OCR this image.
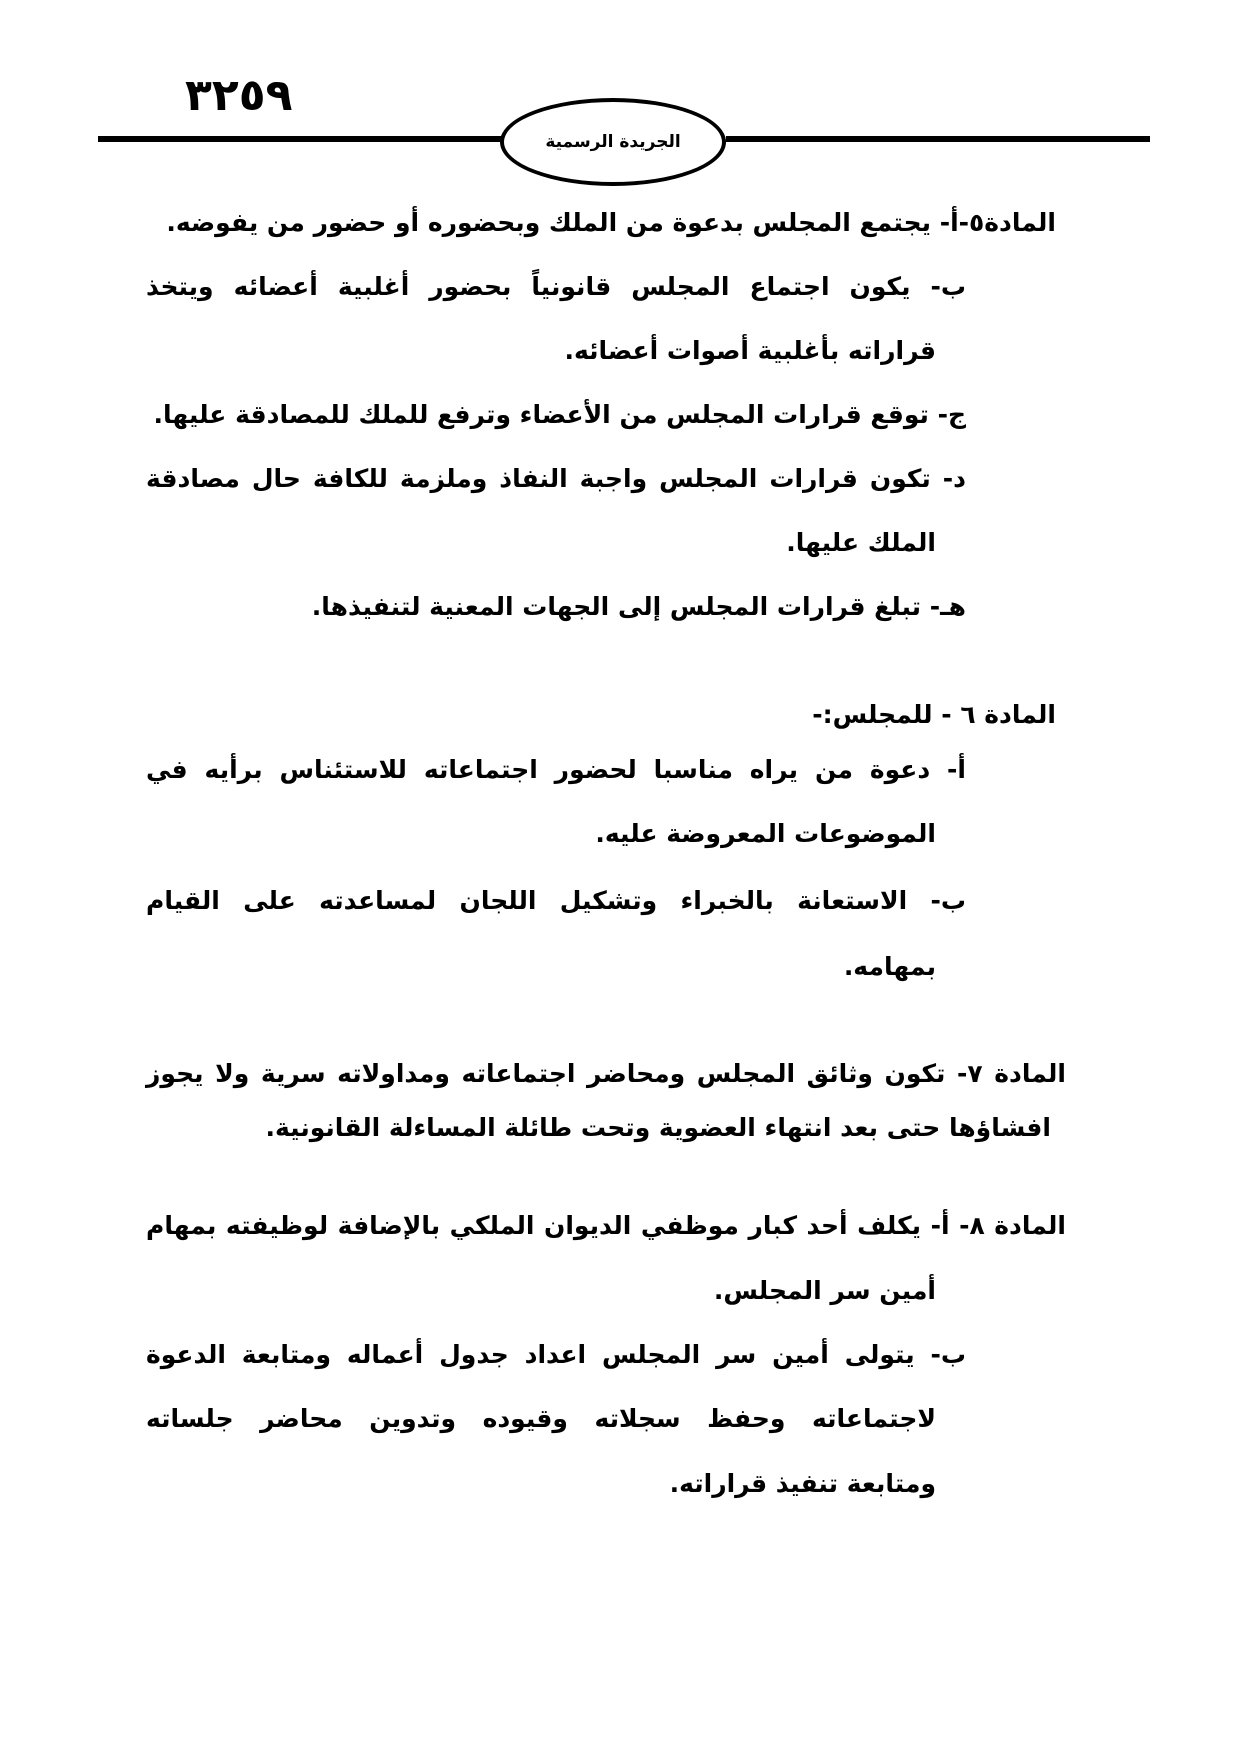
٣٢٥٩
الجريدة الرسمية
المادة٥-أ- يجتمع المجلس بدعوة من الملك وبحضوره أو حضور من يفوضه.
ب- يكون اجتماع المجلس قانونياً بحضور أغلبية أعضائه ويتخذ
قراراته بأغلبية أصوات أعضائه.
ج- توقع قرارات المجلس من الأعضاء وترفع للملك للمصادقة عليها.
د- تكون قرارات المجلس واجبة النفاذ وملزمة للكافة حال مصادقة
الملك عليها.
هـ- تبلغ قرارات المجلس إلى الجهات المعنية لتنفيذها.
المادة ٦ - للمجلس:-
أ- دعوة من يراه مناسبا لحضور اجتماعاته للاستئناس برأيه في
الموضوعات المعروضة عليه.
ب- الاستعانة بالخبراء وتشكيل اللجان لمساعدته على القيام
بمهامه.
المادة ٧- تكون وثائق المجلس ومحاضر اجتماعاته ومداولاته سرية ولا يجوز
افشاؤها حتى بعد انتهاء العضوية وتحت طائلة المساءلة القانونية.
المادة ٨- أ- يكلف أحد كبار موظفي الديوان الملكي بالإضافة لوظيفته بمهام
أمين سر المجلس.
ب- يتولى أمين سر المجلس اعداد جدول أعماله ومتابعة الدعوة
لاجتماعاته وحفظ سجلاته وقيوده وتدوين محاضر جلساته
ومتابعة تنفيذ قراراته.
